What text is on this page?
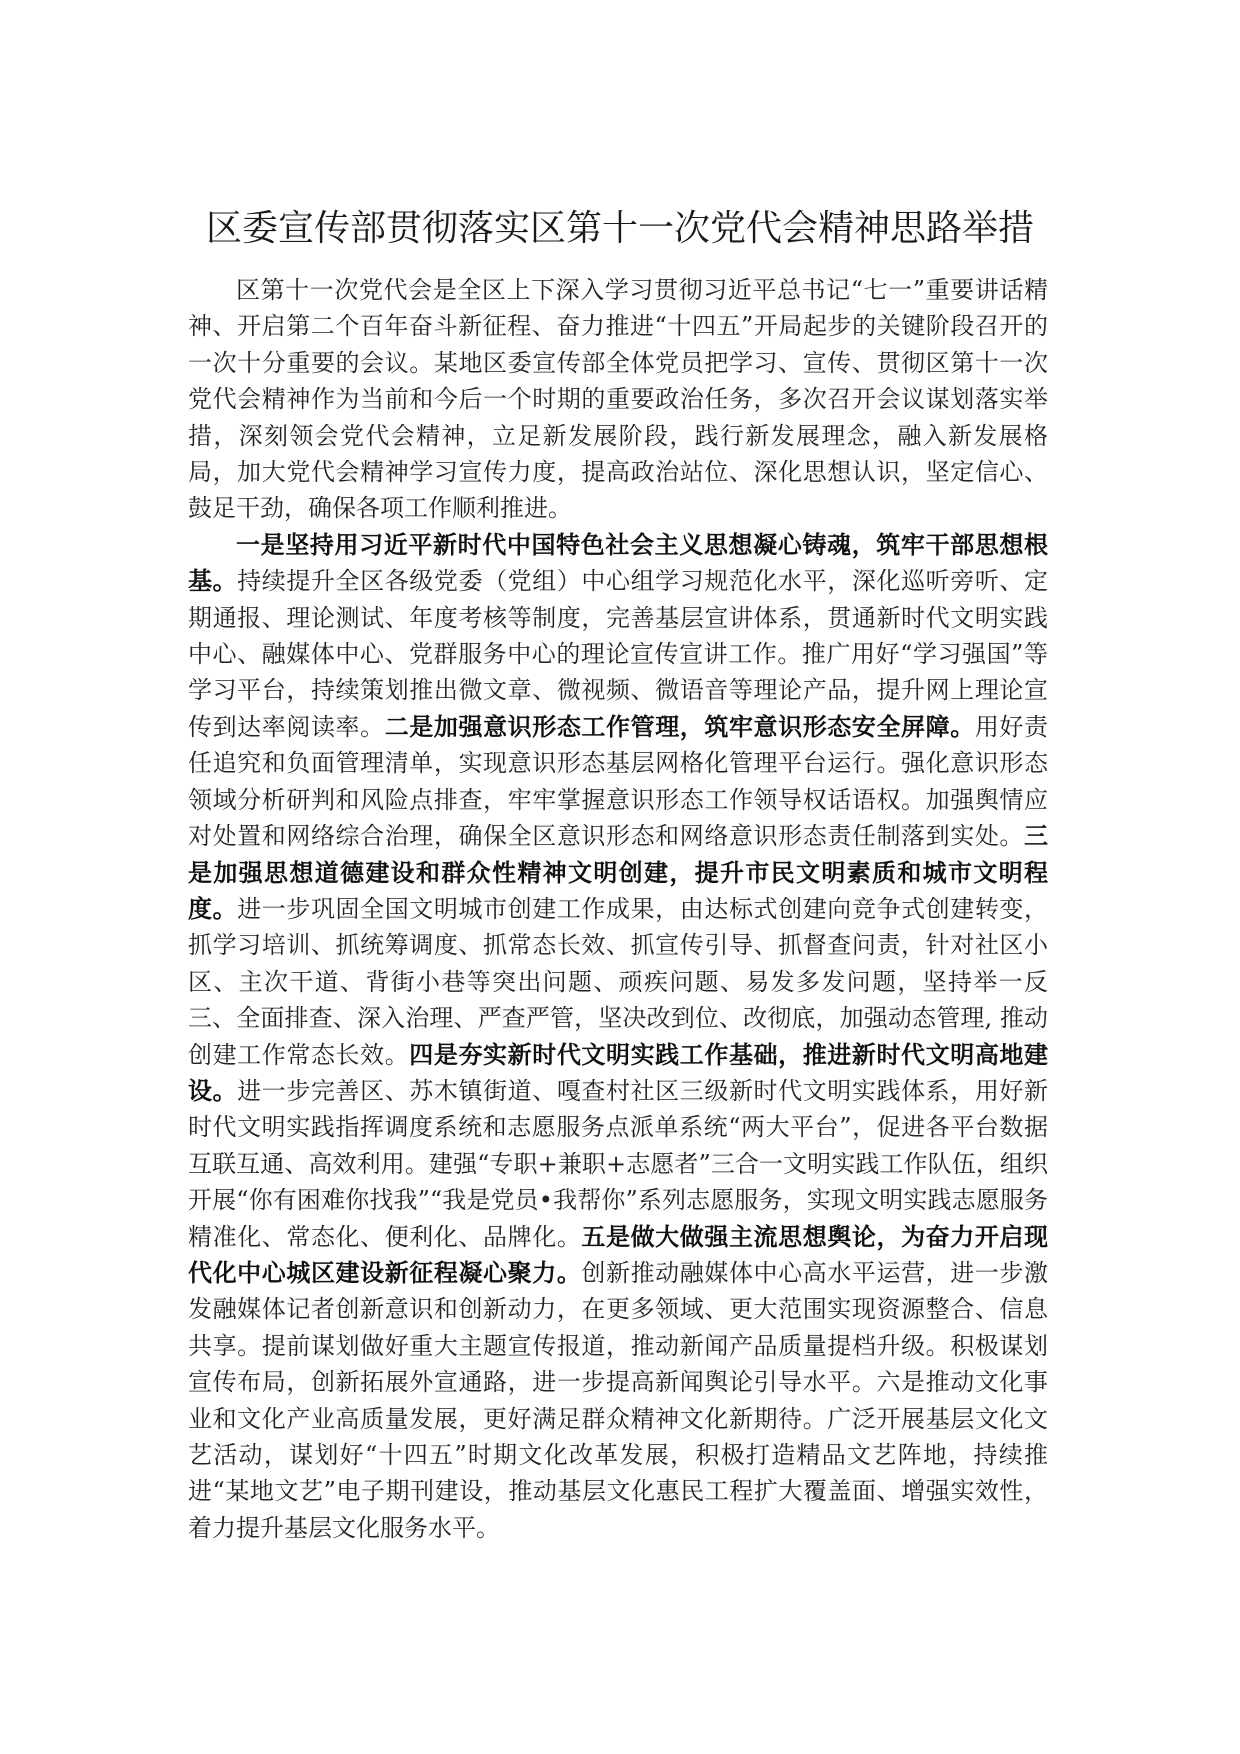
区委宣传部贯彻落实区第十一次党代会精神思路举措

区第十一次党代会是全区上下深入学习贯彻习近平总书记“七一”重要讲话精神、开启第二个百年奋斗新征程、奋力推进“十四五”开局起步的关键阶段召开的一次十分重要的会议。某地区委宣传部全体党员把学习、宣传、贯彻区第十一次党代会精神作为当前和今后一个时期的重要政治任务，多次召开会议谋划落实举措，深刻领会党代会精神，立足新发展阶段，践行新发展理念，融入新发展格局，加大党代会精神学习宣传力度，提高政治站位、深化思想认识，坚定信心、鼓足干劲，确保各项工作顺利推进。

一是坚持用习近平新时代中国特色社会主义思想凝心铸魂，筑牢干部思想根基。持续提升全区各级党委（党组）中心组学习规范化水平，深化巡听旁听、定期通报、理论测试、年度考核等制度，完善基层宣讲体系，贯通新时代文明实践中心、融媒体中心、党群服务中心的理论宣传宣讲工作。推广用好“学习强国”等学习平台，持续策划推出微文章、微视频、微语音等理论产品，提升网上理论宣传到达率阅读率。二是加强意识形态工作管理，筑牢意识形态安全屏障。用好责任追究和负面管理清单，实现意识形态基层网格化管理平台运行。强化意识形态领域分析研判和风险点排查，牢牢掌握意识形态工作领导权话语权。加强舆情应对处置和网络综合治理，确保全区意识形态和网络意识形态责任制落到实处。三是加强思想道德建设和群众性精神文明创建，提升市民文明素质和城市文明程度。进一步巩固全国文明城市创建工作成果，由达标式创建向竞争式创建转变，抓学习培训、抓统筹调度、抓常态长效、抓宣传引导、抓督查问责，针对社区小区、主次干道、背街小巷等突出问题、顽疾问题、易发多发问题，坚持举一反三、全面排查、深入治理、严查严管，坚决改到位、改彻底，加强动态管理, 推动创建工作常态长效。四是夯实新时代文明实践工作基础，推进新时代文明高地建设。进一步完善区、苏木镇街道、嘎查村社区三级新时代文明实践体系，用好新时代文明实践指挥调度系统和志愿服务点派单系统“两大平台”，促进各平台数据互联互通、高效利用。建强“专职+兼职+志愿者”三合一文明实践工作队伍，组织开展“你有困难你找我”“我是党员•我帮你”系列志愿服务，实现文明实践志愿服务精准化、常态化、便利化、品牌化。五是做大做强主流思想舆论，为奋力开启现代化中心城区建设新征程凝心聚力。创新推动融媒体中心高水平运营，进一步激发融媒体记者创新意识和创新动力，在更多领域、更大范围实现资源整合、信息共享。提前谋划做好重大主题宣传报道，推动新闻产品质量提档升级。积极谋划宣传布局，创新拓展外宣通路，进一步提高新闻舆论引导水平。六是推动文化事业和文化产业高质量发展，更好满足群众精神文化新期待。广泛开展基层文化文艺活动，谋划好“十四五”时期文化改革发展，积极打造精品文艺阵地，持续推进“某地文艺”电子期刊建设，推动基层文化惠民工程扩大覆盖面、增强实效性，着力提升基层文化服务水平。
